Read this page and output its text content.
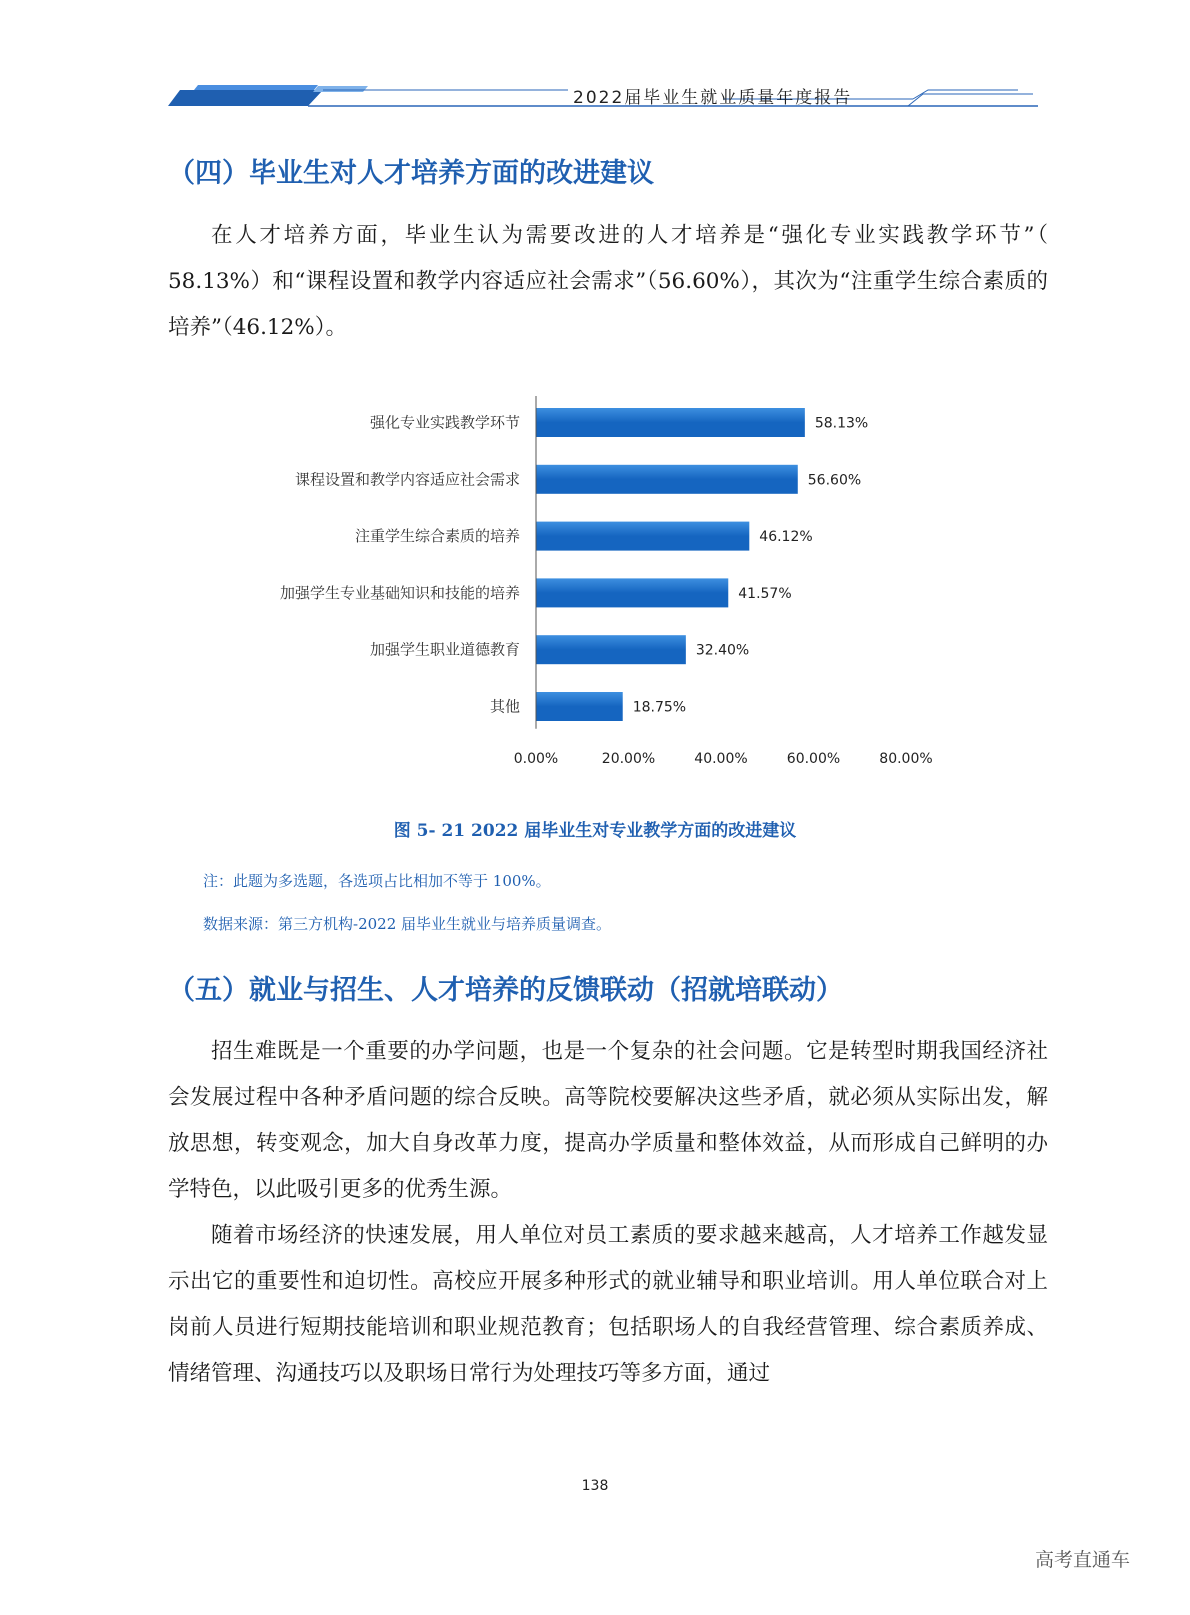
2022届毕业生就业质量年度报告
（四）毕业生对人才培养方面的改进建议

在人才培养方面，毕业生认为需要改进的人才培养是“强化专业实践教学环节”（ 58.13%）和“课程设置和教学内容适应社会需求”（56.60%），其次为“注重学生综合素质的培养”（46.12%）。

强化专业实践教学环节	58.13%
课程设置和教学内容适应社会需求	56.60%
注重学生综合素质的培养	46.12%
加强学生专业基础知识和技能的培养	41.57%
加强学生职业道德教育	32.40%
其他	18.75%
0.00%	20.00%	40.00%	60.00%	80.00%
图 5- 21 2022 届毕业生对专业教学方面的改进建议
注：此题为多选题，各选项占比相加不等于 100%。
数据来源：第三方机构-2022 届毕业生就业与培养质量调查。
（五）就业与招生、人才培养的反馈联动（招就培联动）

招生难既是一个重要的办学问题，也是一个复杂的社会问题。它是转型时期我国经济社会发展过程中各种矛盾问题的综合反映。高等院校要解决这些矛盾，就必须从实际出发，解放思想，转变观念，加大自身改革力度，提高办学质量和整体效益，从而形成自己鲜明的办学特色，以此吸引更多的优秀生源。

随着市场经济的快速发展，用人单位对员工素质的要求越来越高，人才培养工作越发显示出它的重要性和迫切性。高校应开展多种形式的就业辅导和职业培训。用人单位联合对上岗前人员进行短期技能培训和职业规范教育；包括职场人的自我经营管理、综合素质养成、情绪管理、沟通技巧以及职场日常行为处理技巧等多方面，通过

138
高考直通车
